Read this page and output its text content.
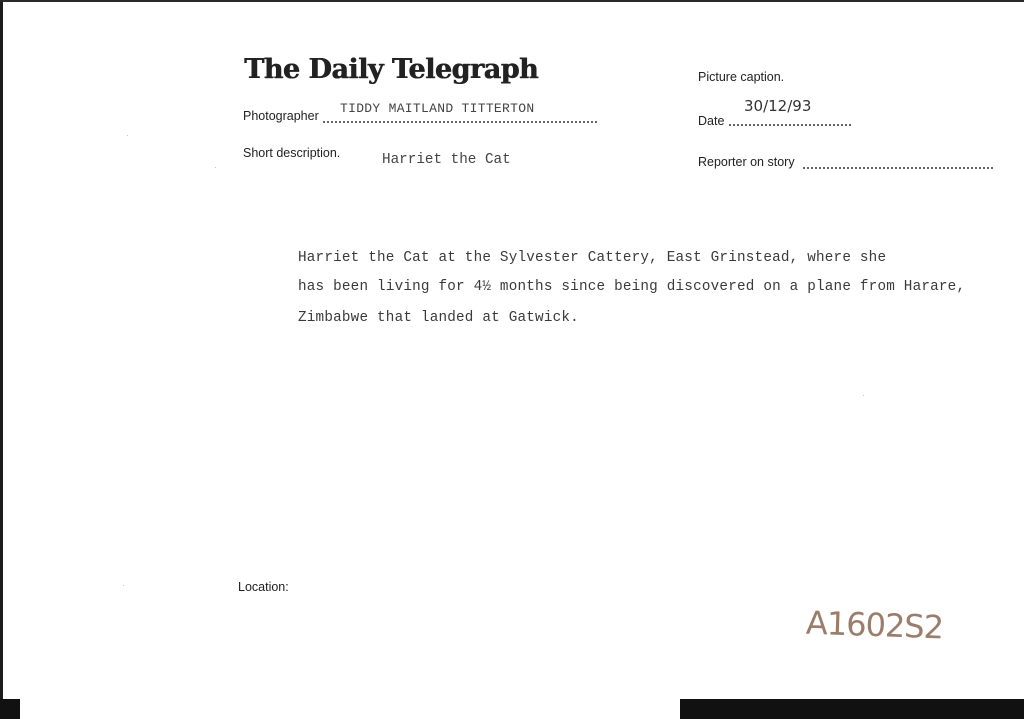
The Daily Telegraph
Photographer TIDDY MAITLAND TITTERTON
Short description.	Harriet the Cat
Picture caption.
Date
30/12/93
Reporter on story
Harriet the Cat at the Sylvester Cattery, East Grinstead, where she
has been living for 4½ months since being discovered on a plane from Harare,
Zimbabwe that landed at Gatwick.
Location:
A1602S2
·
·
·
·
